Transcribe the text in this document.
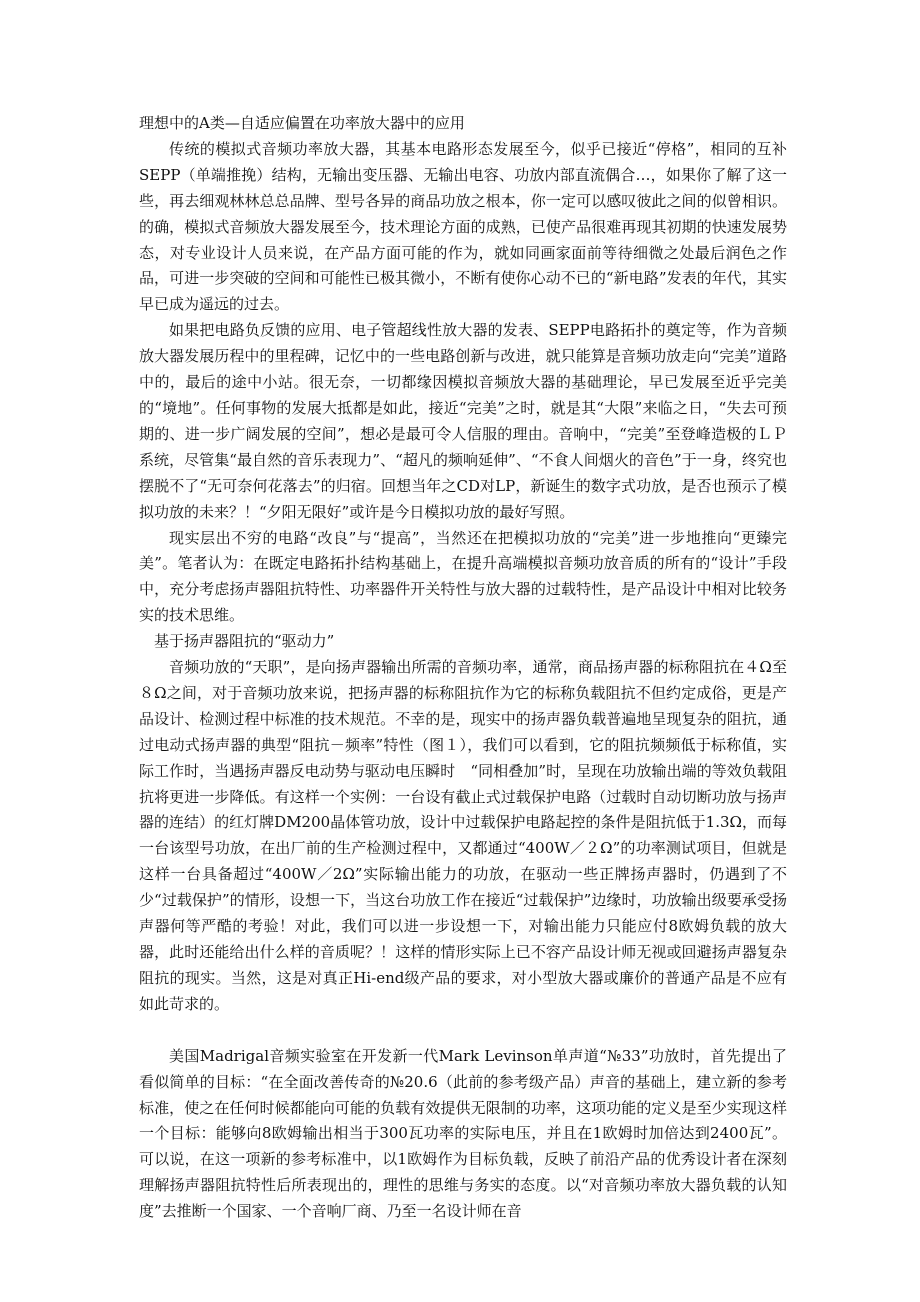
理想中的A类—自适应偏置在功率放大器中的应用

传统的模拟式音频功率放大器，其基本电路形态发展至今，似乎已接近“停格”，相同的互补SEPP（单端推挽）结构，无输出变压器、无输出电容、功放内部直流偶合…，如果你了解了这一些，再去细观林林总总品牌、型号各异的商品功放之根本，你一定可以感叹彼此之间的似曾相识。的确，模拟式音频放大器发展至今，技术理论方面的成熟，已使产品很难再现其初期的快速发展势态，对专业设计人员来说，在产品方面可能的作为，就如同画家面前等待细微之处最后润色之作品，可进一步突破的空间和可能性已极其微小，不断有使你心动不已的“新电路”发表的年代，其实早已成为遥远的过去。

如果把电路负反馈的应用、电子管超线性放大器的发表、SEPP电路拓扑的奠定等，作为音频放大器发展历程中的里程碑，记忆中的一些电路创新与改进，就只能算是音频功放走向“完美”道路中的，最后的途中小站。很无奈，一切都缘因模拟音频放大器的基础理论，早已发展至近乎完美的“境地”。任何事物的发展大抵都是如此，接近“完美”之时，就是其“大限”来临之日，“失去可预期的、进一步广阔发展的空间”，想必是最可令人信服的理由。音响中，“完美”至登峰造极的ＬＰ系统，尽管集“最自然的音乐表现力”、“超凡的频响延伸”、“不食人间烟火的音色”于一身，终究也摆脱不了“无可奈何花落去”的归宿。回想当年之CD对LP，新诞生的数字式功放，是否也预示了模拟功放的未来？！“夕阳无限好”或许是今日模拟功放的最好写照。

现实层出不穷的电路“改良”与“提高”，当然还在把模拟功放的“完美”进一步地推向“更臻完美”。笔者认为：在既定电路拓扑结构基础上，在提升高端模拟音频功放音质的所有的“设计”手段中，充分考虑扬声器阻抗特性、功率器件开关特性与放大器的过载特性，是产品设计中相对比较务实的技术思维。

基于扬声器阻抗的“驱动力”

音频功放的“天职”，是向扬声器输出所需的音频功率，通常，商品扬声器的标称阻抗在４Ω至８Ω之间，对于音频功放来说，把扬声器的标称阻抗作为它的标称负载阻抗不但约定成俗，更是产品设计、检测过程中标准的技术规范。不幸的是，现实中的扬声器负载普遍地呈现复杂的阻抗，通过电动式扬声器的典型“阻抗－频率”特性（图１），我们可以看到，它的阻抗频频低于标称值，实际工作时，当遇扬声器反电动势与驱动电压瞬时　“同相叠加”时，呈现在功放输出端的等效负载阻抗将更进一步降低。有这样一个实例：一台设有截止式过载保护电路（过载时自动切断功放与扬声器的连结）的红灯牌DM200晶体管功放，设计中过载保护电路起控的条件是阻抗低于1.3Ω，而每一台该型号功放，在出厂前的生产检测过程中，又都通过“400W／２Ω”的功率测试项目，但就是这样一台具备超过“400W／2Ω”实际输出能力的功放，在驱动一些正牌扬声器时，仍遇到了不少“过载保护”的情形，设想一下，当这台功放工作在接近“过载保护”边缘时，功放输出级要承受扬声器何等严酷的考验！对此，我们可以进一步设想一下，对输出能力只能应付8欧姆负载的放大器，此时还能给出什么样的音质呢？！这样的情形实际上已不容产品设计师无视或回避扬声器复杂阻抗的现实。当然，这是对真正Hi-end级产品的要求，对小型放大器或廉价的普通产品是不应有如此苛求的。

美国Madrigal音频实验室在开发新一代Mark Levinson单声道“№33”功放时，首先提出了看似简单的目标：“在全面改善传奇的№20.6（此前的参考级产品）声音的基础上，建立新的参考标准，使之在任何时候都能向可能的负载有效提供无限制的功率，这项功能的定义是至少实现这样一个目标：能够向8欧姆输出相当于300瓦功率的实际电压，并且在1欧姆时加倍达到2400瓦”。可以说，在这一项新的参考标准中，以1欧姆作为目标负载，反映了前沿产品的优秀设计者在深刻理解扬声器阻抗特性后所表现出的，理性的思维与务实的态度。以“对音频功率放大器负载的认知度”去推断一个国家、一个音响厂商、乃至一名设计师在音
